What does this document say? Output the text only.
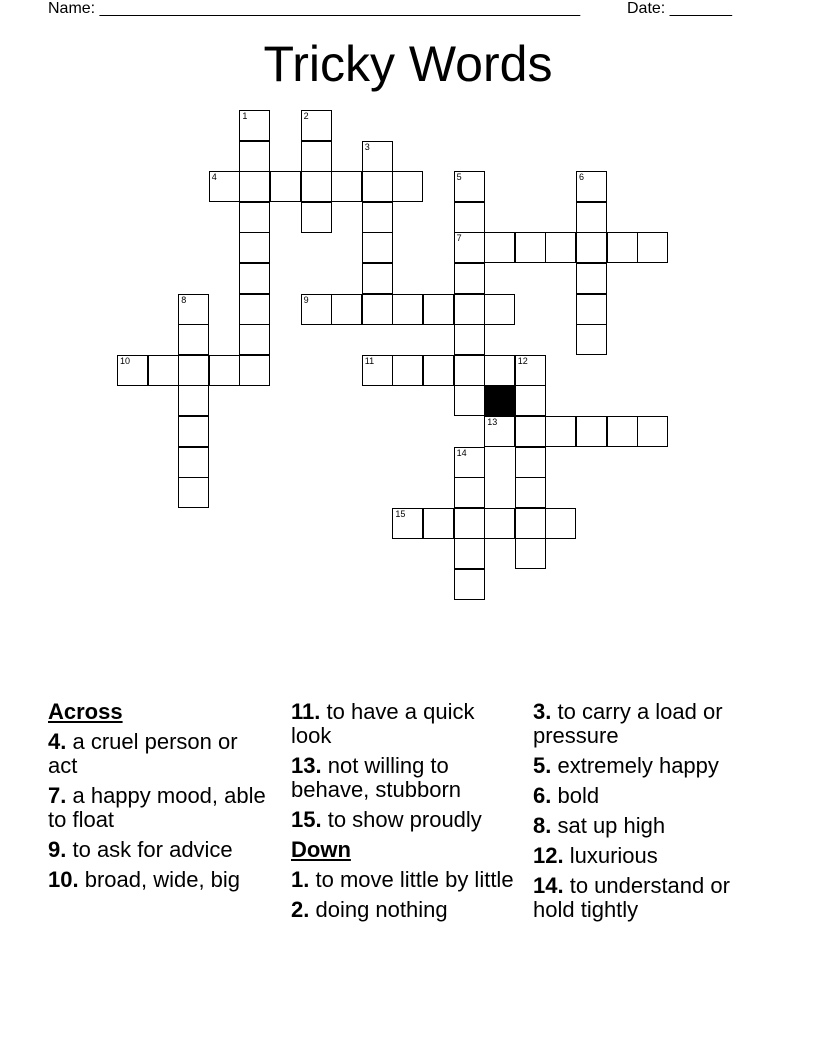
Name: ______________________________________________________	Date: _______
Tricky Words
1	2
3
4	5
7
6
8	9
10	11	12
13
14
15
Across
4. a cruel person or act
7. a happy mood, able to float
9. to ask for advice
10. broad, wide, big
11. to have a quick look
13. not willing to behave, stubborn
15. to show proudly
Down
1. to move little by little
2. doing nothing
3. to carry a load or pressure
5. extremely happy
6. bold
8. sat up high
12. luxurious
14. to understand or hold tightly
